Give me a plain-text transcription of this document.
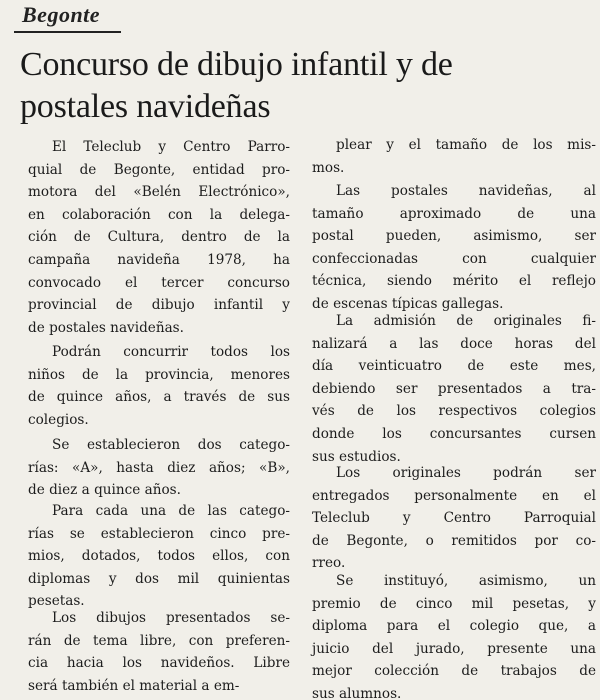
Begonte
Concurso de dibujo infantil y de
postales navideñas
El Teleclub y Centro Parro-
quial de Begonte, entidad pro-
motora del «Belén Electrónico»,
en colaboración con la delega-
ción de Cultura, dentro de la
campaña navideña 1978, ha
convocado el tercer concurso
provincial de dibujo infantil y
de postales navideñas.
Podrán concurrir todos los
niños de la provincia, menores
de quince años, a través de sus
colegios.
Se establecieron dos catego-
rías: «A», hasta diez años; «B»,
de diez a quince años.
Para cada una de las catego-
rías se establecieron cinco pre-
mios, dotados, todos ellos, con
diplomas y dos mil quinientas
pesetas.
Los dibujos presentados se-
rán de tema libre, con preferen-
cia hacia los navideños. Libre
será también el material a em-
plear y el tamaño de los mis-
mos.
Las postales navideñas, al
tamaño aproximado de una
postal pueden, asimismo, ser
confeccionadas con cualquier
técnica, siendo mérito el reflejo
de escenas típicas gallegas.
La admisión de originales fi-
nalizará a las doce horas del
día veinticuatro de este mes,
debiendo ser presentados a tra-
vés de los respectivos colegios
donde los concursantes cursen
sus estudios.
Los originales podrán ser
entregados personalmente en el
Teleclub y Centro Parroquial
de Begonte, o remitidos por co-
rreo.
Se instituyó, asimismo, un
premio de cinco mil pesetas, y
diploma para el colegio que, a
juicio del jurado, presente una
mejor colección de trabajos de
sus alumnos.
